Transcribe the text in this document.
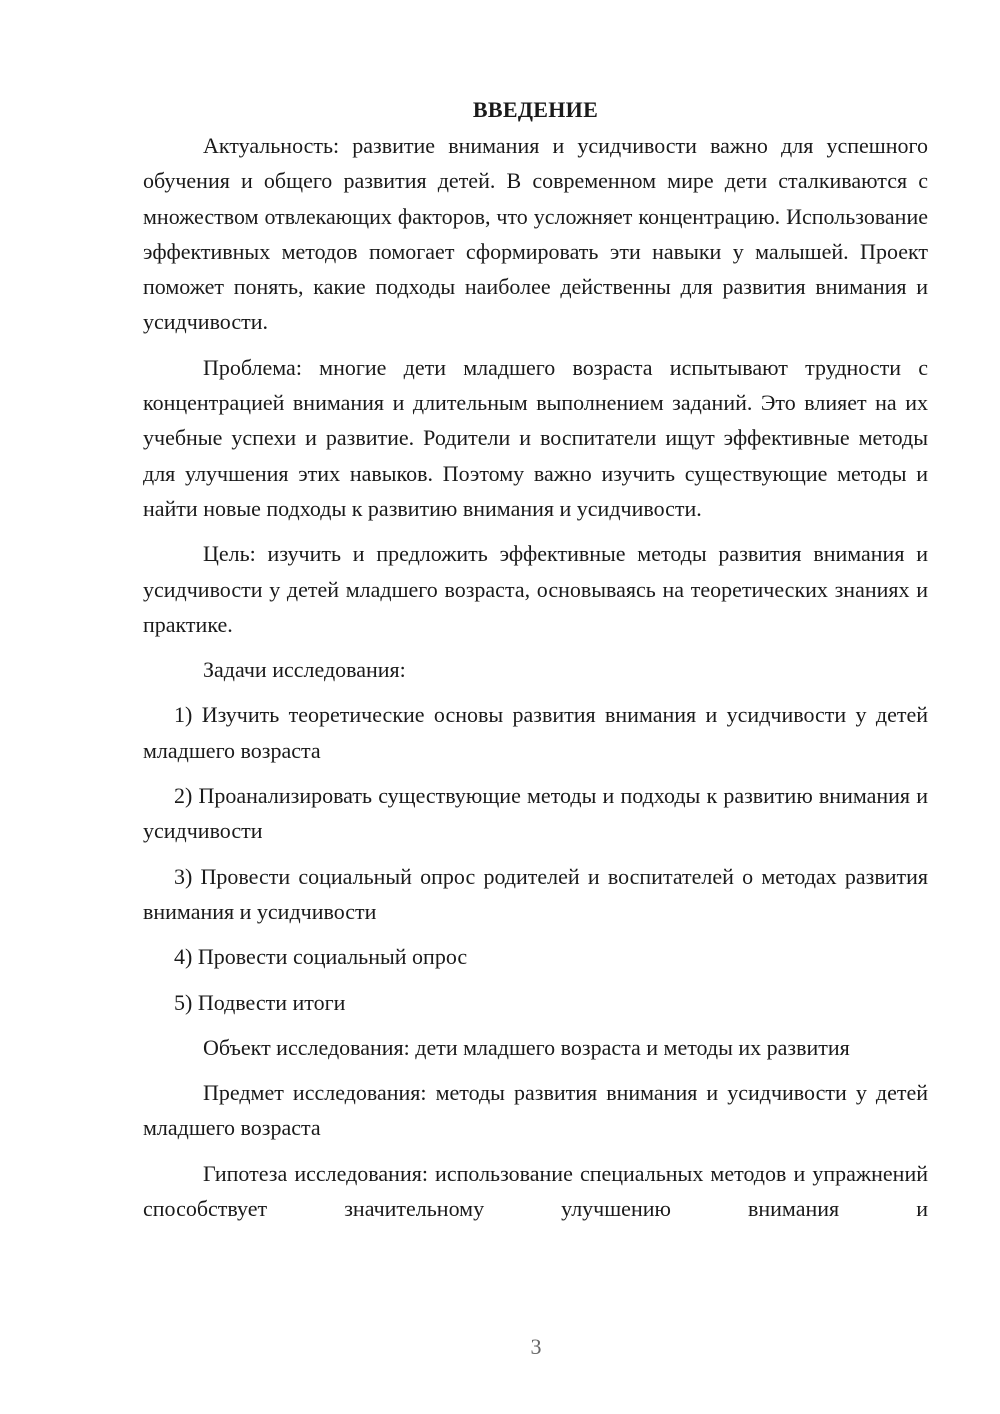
ВВЕДЕНИЕ

Актуальность: развитие внимания и усидчивости важно для успешного обучения и общего развития детей. В современном мире дети сталкиваются с множеством отвлекающих факторов, что усложняет концентрацию. Использование эффективных методов помогает сформировать эти навыки у малышей. Проект поможет понять, какие подходы наиболее действенны для развития внимания и усидчивости.

Проблема: многие дети младшего возраста испытывают трудности с концентрацией внимания и длительным выполнением заданий. Это влияет на их учебные успехи и развитие. Родители и воспитатели ищут эффективные методы для улучшения этих навыков. Поэтому важно изучить существующие методы и найти новые подходы к развитию внимания и усидчивости.

Цель: изучить и предложить эффективные методы развития внимания и усидчивости у детей младшего возраста, основываясь на теоретических знаниях и практике.

Задачи исследования:

1) Изучить теоретические основы развития внимания и усидчивости у детей младшего возраста

2) Проанализировать существующие методы и подходы к развитию внимания и усидчивости

3) Провести социальный опрос родителей и воспитателей о методах развития внимания и усидчивости

4) Провести социальный опрос

5) Подвести итоги

Объект исследования: дети младшего возраста и методы их развития

Предмет исследования: методы развития внимания и усидчивости у детей младшего возраста

Гипотеза исследования: использование специальных методов и упражнений способствует значительному улучшению внимания и

3
